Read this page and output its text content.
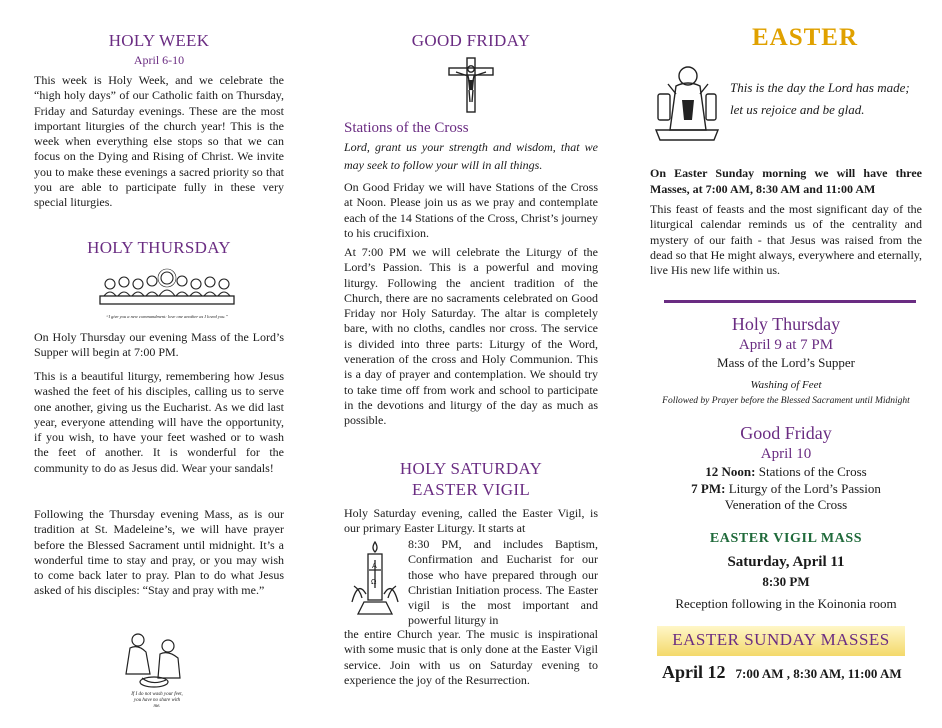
HOLY WEEK
April 6-10

This week is Holy Week, and we celebrate the “high holy days” of our Catholic faith on Thursday, Friday and Saturday evenings. These are the most important liturgies of the church year! This is the week when everything else stops so that we can focus on the Dying and Rising of Christ. We invite you to make these evenings a sacred priority so that you are able to participate fully in these very special liturgies.

HOLY THURSDAY
“I give you a new commandment: love one another as I loved you.”

On Holy Thursday our evening Mass of the Lord’s Supper will begin at 7:00 PM.

This is a beautiful liturgy, remembering how Jesus washed the feet of his disciples, calling us to serve one another, giving us the Eucharist. As we did last year, everyone attending will have the opportunity, if you wish, to have your feet washed or to wash the feet of another. It is wonderful for the community to do as Jesus did. Wear your sandals!

Following the Thursday evening Mass, as is our tradition at St. Madeleine’s, we will have prayer before the Blessed Sacrament until midnight. It’s a wonderful time to stay and pray, or you may wish to come back later to pray. Plan to do what Jesus asked of his disciples: “Stay and pray with me.”

If I do not wash your feet, you have no share with me.
GOOD FRIDAY
Stations of the Cross

Lord, grant us your strength and wisdom, that we may seek to follow your will in all things.

On Good Friday we will have Stations of the Cross at Noon. Please join us as we pray and contemplate each of the 14 Stations of the Cross, Christ’s journey to his crucifixion.

At 7:00 PM we will celebrate the Liturgy of the Lord’s Passion. This is a powerful and moving liturgy. Following the ancient tradition of the Church, there are no sacraments celebrated on Good Friday nor Holy Saturday. The altar is completely bare, with no cloths, candles nor cross. The service is divided into three parts: Liturgy of the Word, veneration of the cross and Holy Communion. This is a day of prayer and contemplation. We should try to take time off from work and school to participate in the devotions and liturgy of the day as much as possible.

HOLY SATURDAY
EASTER VIGIL

Holy Saturday evening, called the Easter Vigil, is our primary Easter Liturgy. It starts at

A
Ω

8:30 PM, and includes Baptism, Confirmation and Eucharist for our those who have prepared through our Christian Initiation process. The Easter vigil is the most important and powerful liturgy in

the entire Church year. The music is inspirational with some music that is only done at the Easter Vigil service. Join with us on Saturday evening to experience the joy of the Resurrection.

EASTER
This is the day the Lord has made;
let us rejoice and be glad.

On Easter Sunday morning we will have three Masses, at 7:00 AM, 8:30 AM and 11:00 AM

This feast of feasts and the most significant day of the liturgical calendar reminds us of the centrality and mystery of our faith - that Jesus was raised from the dead so that He might always, everywhere and eternally, live His new life within us.

Holy Thursday
April 9 at 7 PM
Mass of the Lord’s Supper
Washing of Feet
Followed by Prayer before the Blessed Sacrament until Midnight
Good Friday
April 10
12 Noon: Stations of the Cross
7 PM: Liturgy of the Lord’s Passion
Veneration of the Cross
EASTER VIGIL MASS
Saturday, April 11
8:30 PM
Reception following in the Koinonia room
EASTER SUNDAY MASSES
April 12 7:00 AM , 8:30 AM, 11:00 AM
